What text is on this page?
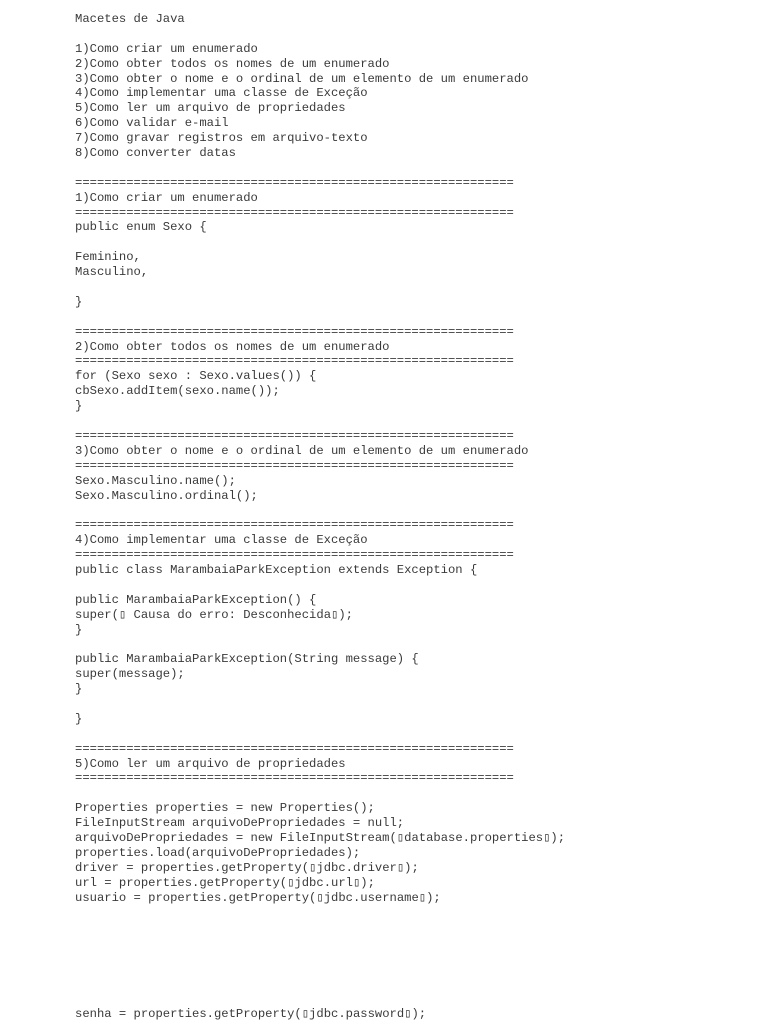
Macetes de Java
1)Como criar um enumerado
2)Como obter todos os nomes de um enumerado
3)Como obter o nome e o ordinal de um elemento de um enumerado
4)Como implementar uma classe de Exceção
5)Como ler um arquivo de propriedades
6)Como validar e-mail
7)Como gravar registros em arquivo-texto
8)Como converter datas
============================================================
1)Como criar um enumerado
============================================================
public enum Sexo {
Feminino,
Masculino,
}
============================================================
2)Como obter todos os nomes de um enumerado
============================================================
for (Sexo sexo : Sexo.values()) {
cbSexo.addItem(sexo.name());
}
============================================================
3)Como obter o nome e o ordinal de um elemento de um enumerado
============================================================
Sexo.Masculino.name();
Sexo.Masculino.ordinal();
============================================================
4)Como implementar uma classe de Exceção
============================================================
public class MarambaiaParkException extends Exception {
public MarambaiaParkException() {
super(▯ Causa do erro: Desconhecida▯);
}
public MarambaiaParkException(String message) {
super(message);
}
}
============================================================
5)Como ler um arquivo de propriedades
============================================================
Properties properties = new Properties();
FileInputStream arquivoDePropriedades = null;
arquivoDePropriedades = new FileInputStream(▯database.properties▯);
properties.load(arquivoDePropriedades);
driver = properties.getProperty(▯jdbc.driver▯);
url = properties.getProperty(▯jdbc.url▯);
usuario = properties.getProperty(▯jdbc.username▯);
senha = properties.getProperty(▯jdbc.password▯);
